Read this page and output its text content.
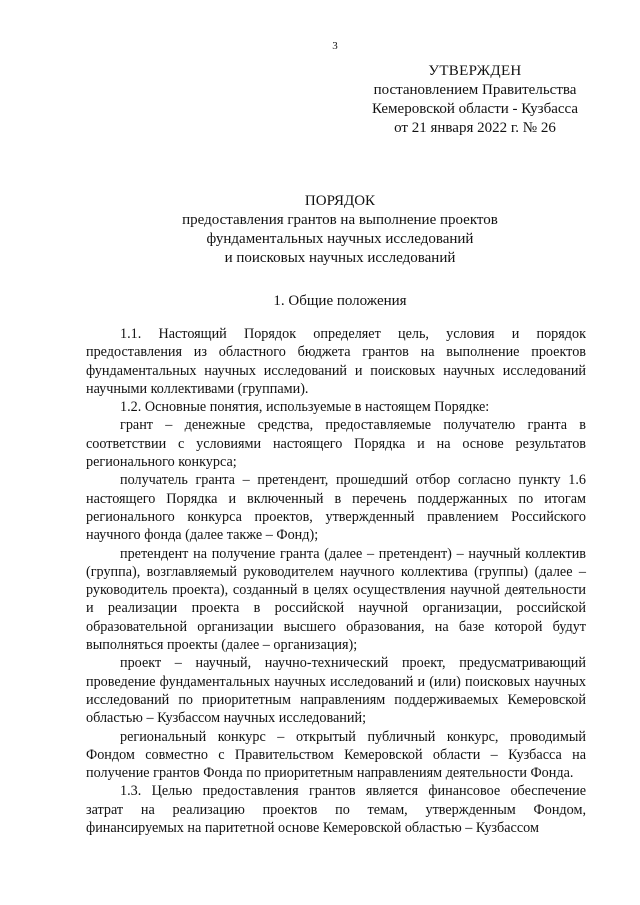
3
УТВЕРЖДЕН
постановлением Правительства
Кемеровской области - Кузбасса
от 21 января 2022 г. № 26
ПОРЯДОК
предоставления грантов на выполнение проектов
фундаментальных научных исследований
и поисковых научных исследований
1. Общие положения

1.1. Настоящий Порядок определяет цель, условия и порядок предоставления из областного бюджета грантов на выполнение проектов фундаментальных научных исследований и поисковых научных исследований научными коллективами (группами).

1.2. Основные понятия, используемые в настоящем Порядке:

грант – денежные средства, предоставляемые получателю гранта в соответствии с условиями настоящего Порядка и на основе результатов регионального конкурса;

получатель гранта – претендент, прошедший отбор согласно пункту 1.6 настоящего Порядка и включенный в перечень поддержанных по итогам регионального конкурса проектов, утвержденный правлением Российского научного фонда (далее также – Фонд);

претендент на получение гранта (далее – претендент) – научный коллектив (группа), возглавляемый руководителем научного коллектива (группы) (далее – руководитель проекта), созданный в целях осуществления научной деятельности и реализации проекта в российской научной организации, российской образовательной организации высшего образования, на базе которой будут выполняться проекты (далее – организация);

проект – научный, научно-технический проект, предусматривающий проведение фундаментальных научных исследований и (или) поисковых научных исследований по приоритетным направлениям поддерживаемых Кемеровской областью – Кузбассом научных исследований;

региональный конкурс – открытый публичный конкурс, проводимый Фондом совместно с Правительством Кемеровской области – Кузбасса на получение грантов Фонда по приоритетным направлениям деятельности Фонда.

1.3. Целью предоставления грантов является финансовое обеспечение затрат на реализацию проектов по темам, утвержденным Фондом, финансируемых на паритетной основе Кемеровской областью – Кузбассом
